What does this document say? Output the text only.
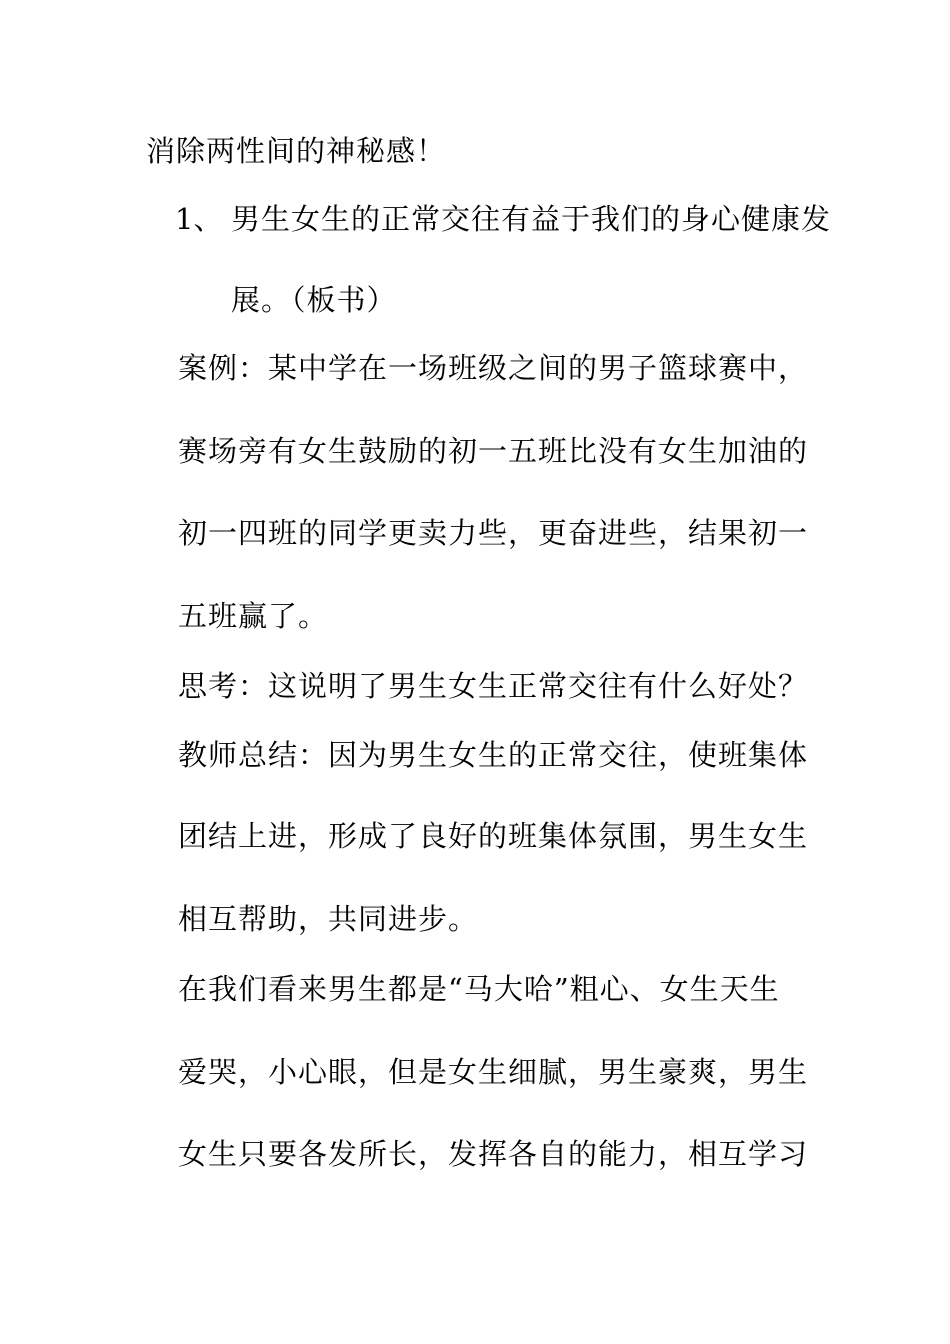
消除两性间的神秘感！
1、 男生女生的正常交往有益于我们的身心健康发
展。（板书）
案例：某中学在一场班级之间的男子篮球赛中，
赛场旁有女生鼓励的初一五班比没有女生加油的
初一四班的同学更卖力些，更奋进些，结果初一
五班赢了。
思考：这说明了男生女生正常交往有什么好处？
教师总结：因为男生女生的正常交往，使班集体
团结上进，形成了良好的班集体氛围，男生女生
相互帮助，共同进步。
在我们看来男生都是“马大哈”粗心、女生天生
爱哭，小心眼，但是女生细腻，男生豪爽，男生
女生只要各发所长，发挥各自的能力，相互学习
